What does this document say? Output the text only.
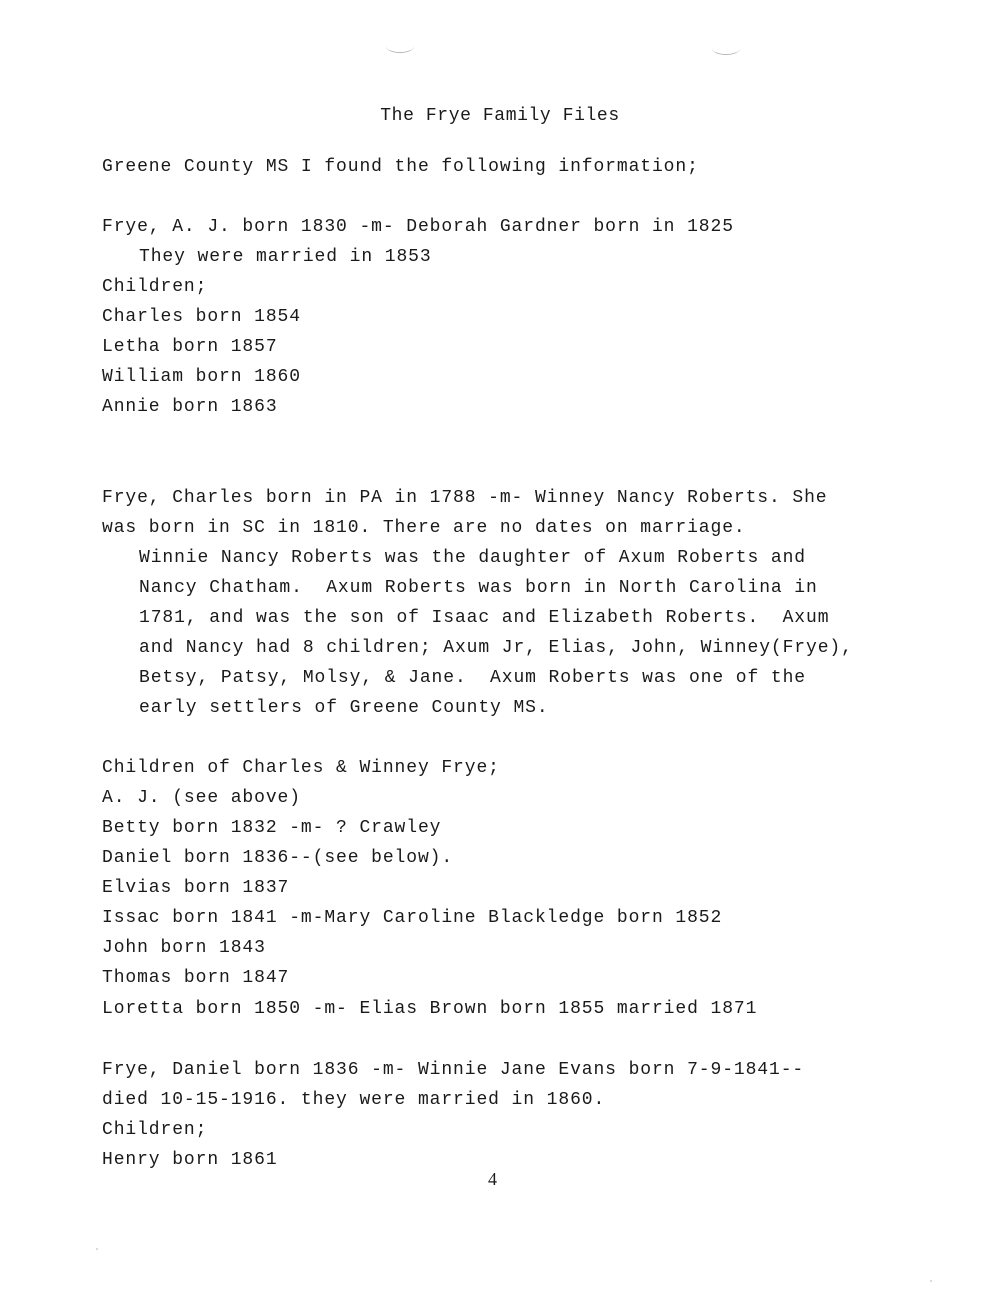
The Frye Family Files
Greene County MS I found the following information;
Frye, A. J. born 1830 -m- Deborah Gardner born in 1825
They were married in 1853
Children;
Charles born 1854
Letha born 1857
William born 1860
Annie born 1863
Frye, Charles born in PA in 1788 -m- Winney Nancy Roberts. She
was born in SC in 1810. There are no dates on marriage.
Winnie Nancy Roberts was the daughter of Axum Roberts and
Nancy Chatham.  Axum Roberts was born in North Carolina in
1781, and was the son of Isaac and Elizabeth Roberts.  Axum
and Nancy had 8 children; Axum Jr, Elias, John, Winney(Frye),
Betsy, Patsy, Molsy, & Jane.  Axum Roberts was one of the
early settlers of Greene County MS.
Children of Charles & Winney Frye;
A. J. (see above)
Betty born 1832 -m- ? Crawley
Daniel born 1836--(see below).
Elvias born 1837
Issac born 1841 -m-Mary Caroline Blackledge born 1852
John born 1843
Thomas born 1847
Loretta born 1850 -m- Elias Brown born 1855 married 1871
Frye, Daniel born 1836 -m- Winnie Jane Evans born 7-9-1841--
died 10-15-1916. they were married in 1860.
Children;
Henry born 1861
4
